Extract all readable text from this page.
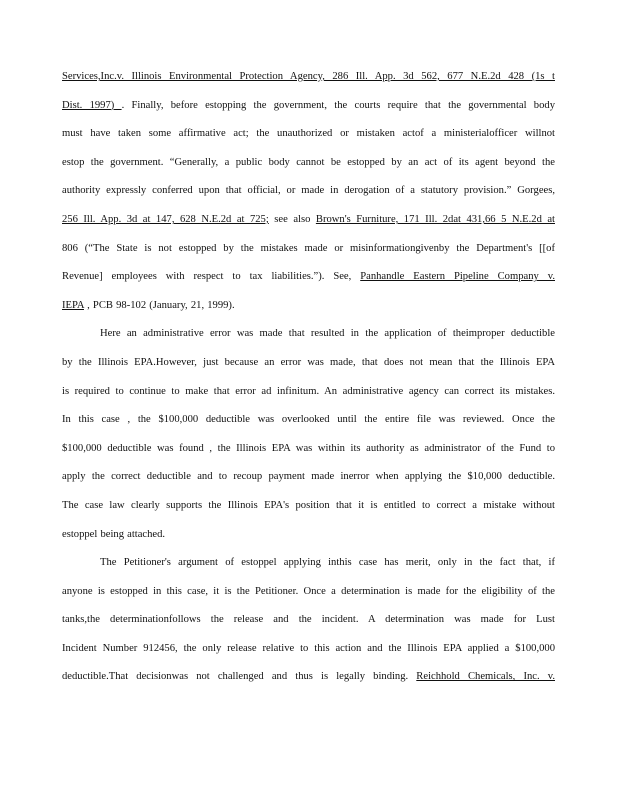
Services,Inc.v. Illinois Environmental Protection Agency, 286 Ill. App. 3d 562, 677 N.E.2d 428 (1s t
Dist. 1997) . Finally, before estopping the government, the courts require that the governmental body
must have taken some affirmative act; the unauthorized or mistaken actof a ministerialofficer willnot
estop the government. “Generally, a public body cannot be estopped by an act of its agent beyond the
authority expressly conferred upon that official, or made in derogation of a statutory provision.” Gorgees,
256 Ill. App. 3d at 147, 628 N.E.2d at 725; see also Brown's Furniture, 171 Ill. 2dat 431,66 5 N.E.2d at
806 (“The State is not estopped by the mistakes made or misinformationgivenby the Department's [[of
Revenue] employees with respect to tax liabilities.”). See, Panhandle Eastern Pipeline Company v.
IEPA , PCB 98-102 (January, 21, 1999).
Here an administrative error was made that resulted in the application of theimproper deductible
by the Illinois EPA.However, just because an error was made, that does not mean that the Illinois EPA
is required to continue to make that error ad infinitum. An administrative agency can correct its mistakes.
In this case , the $100,000 deductible was overlooked until the entire file was reviewed. Once the
$100,000 deductible was found , the Illinois EPA was within its authority as administrator of the Fund to
apply the correct deductible and to recoup payment made inerror when applying the $10,000 deductible.
The case law clearly supports the Illinois EPA's position that it is entitled to correct a mistake without
estoppel being attached.
The Petitioner's argument of estoppel applying inthis case has merit, only in the fact that, if
anyone is estopped in this case, it is the Petitioner. Once a determination is made for the eligibility of the
tanks,the determinationfollows the release and the incident. A determination was made for Lust
Incident Number 912456, the only release relative to this action and the Illinois EPA applied a $100,000
deductible.That decisionwas not challenged and thus is legally binding. Reichhold Chemicals, Inc. v.
